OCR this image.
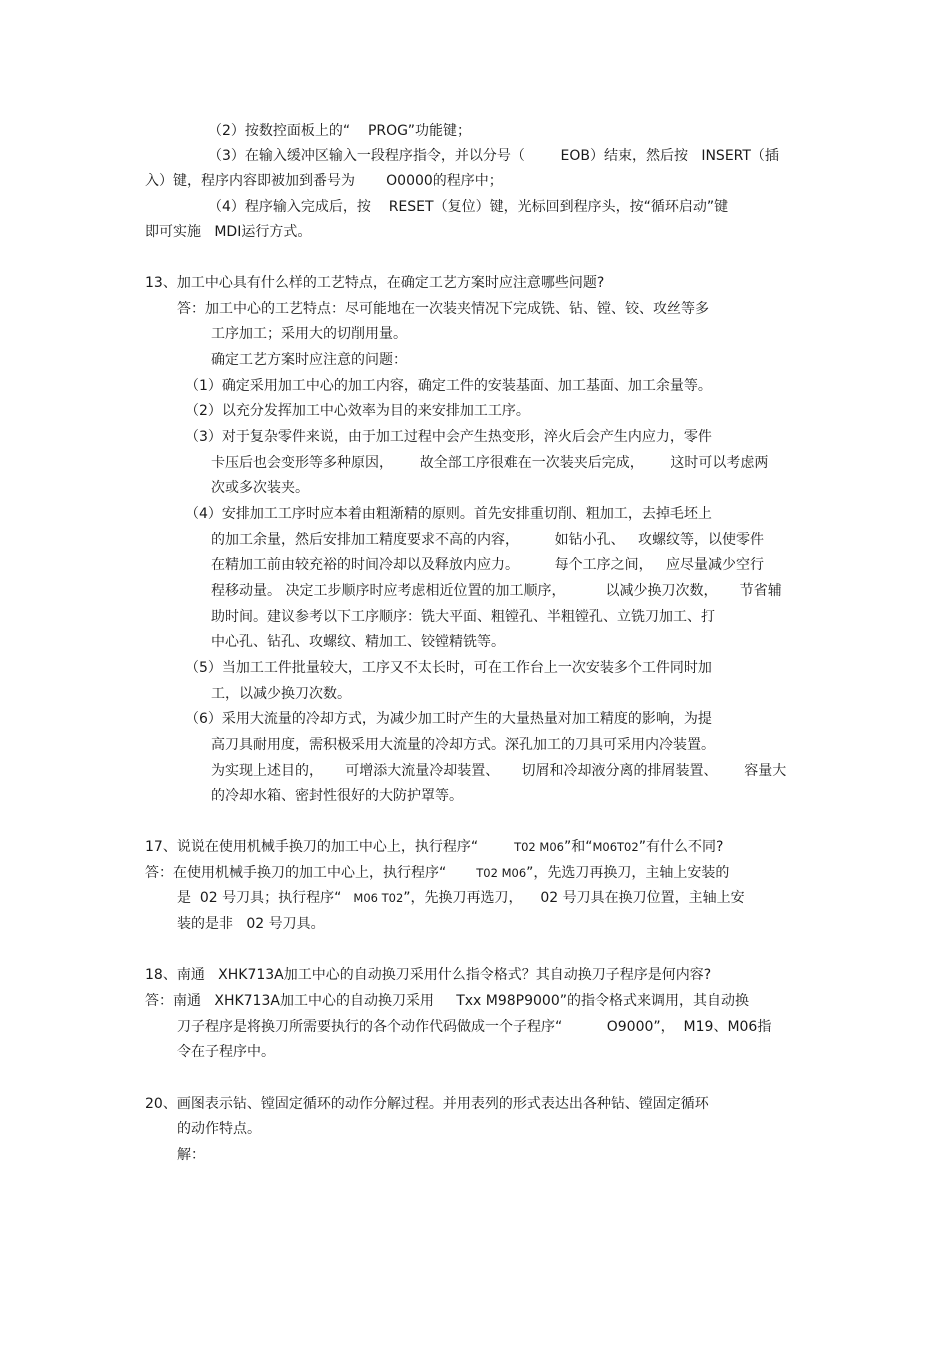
（2）按数控面板上的“    PROG”功能键；
（3）在输入缓冲区输入一段程序指令，并以分号（        EOB）结束，然后按   INSERT（插
入）键，程序内容即被加到番号为       O0000的程序中；
（4）程序输入完成后，按    RESET（复位）键，光标回到程序头，按“循环启动”键
即可实施   MDI运行方式。
13、加工中心具有什么样的工艺特点，在确定工艺方案时应注意哪些问题?
答：加工中心的工艺特点：尽可能地在一次装夹情况下完成铣、钻、镗、铰、攻丝等多
工序加工；采用大的切削用量。
确定工艺方案时应注意的问题：
（1）确定采用加工中心的加工内容，确定工件的安装基面、加工基面、加工余量等。
（2）以充分发挥加工中心效率为目的来安排加工工序。
（3）对于复杂零件来说，由于加工过程中会产生热变形，淬火后会产生内应力，零件
卡压后也会变形等多种原因，      故全部工序很难在一次装夹后完成，      这时可以考虑两
次或多次装夹。
（4）安排加工工序时应本着由粗渐精的原则。首先安排重切削、粗加工，去掉毛坯上
的加工余量，然后安排加工精度要求不高的内容，        如钻小孔、   攻螺纹等，以使零件
在精加工前由较充裕的时间冷却以及释放内应力。        每个工序之间，   应尽量减少空行
程移动量。 决定工步顺序时应考虑相近位置的加工顺序，         以减少换刀次数，     节省辅
助时间。建议参考以下工序顺序：铣大平面、粗镗孔、半粗镗孔、立铣刀加工、打
中心孔、钻孔、攻螺纹、精加工、铰镗精铣等。
（5）当加工工件批量较大，工序又不太长时，可在工作台上一次安装多个工件同时加
工，以减少换刀次数。
（6）采用大流量的冷却方式，为减少加工时产生的大量热量对加工精度的影响，为提
高刀具耐用度，需积极采用大流量的冷却方式。深孔加工的刀具可采用内冷装置。
为实现上述目的，     可增添大流量冷却装置、     切屑和冷却液分离的排屑装置、      容量大
的冷却水箱、密封性很好的大防护罩等。
17、说说在使用机械手换刀的加工中心上，执行程序“	T02 M06”和“M06T02”有什么不同?
答：在使用机械手换刀的加工中心上，执行程序“	T02 M06”，先选刀再换刀，主轴上安装的
是  02 号刀具；执行程序“ M06 T02”，先换刀再选刀，    02 号刀具在换刀位置，主轴上安
装的是非   02 号刀具。
18、南通   XHK713A加工中心的自动换刀采用什么指令格式？其自动换刀子程序是何内容?
答：南通   XHK713A加工中心的自动换刀采用     Txx M98P9000”的指令格式来调用，其自动换
刀子程序是将换刀所需要执行的各个动作代码做成一个子程序“          O9000”，  M19、M06指
令在子程序中。
20、画图表示钻、镗固定循环的动作分解过程。并用表列的形式表达出各种钻、镗固定循环
的动作特点。
解：
